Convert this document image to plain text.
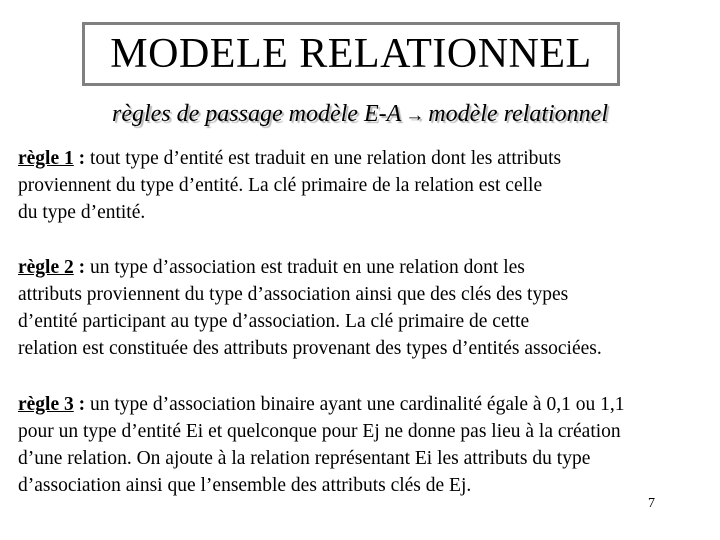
MODELE RELATIONNEL
règles de passage modèle E-A → modèle relationnel
règle 1 : tout type d’entité est traduit en une relation dont les attributs
proviennent du type d’entité. La clé primaire de la relation est celle
du type d’entité.
règle 2 : un type d’association est traduit en une relation dont les
attributs proviennent du type d’association ainsi que des clés des types
d’entité participant au type d’association. La clé primaire de cette
relation est constituée des attributs provenant des types d’entités associées.
règle 3 : un type d’association binaire ayant une cardinalité égale à 0,1 ou 1,1
pour un type d’entité Ei et quelconque pour Ej ne donne pas lieu à la création
d’une relation. On ajoute à la relation représentant Ei les attributs du type
d’association ainsi que l’ensemble des attributs clés de Ej.
7
